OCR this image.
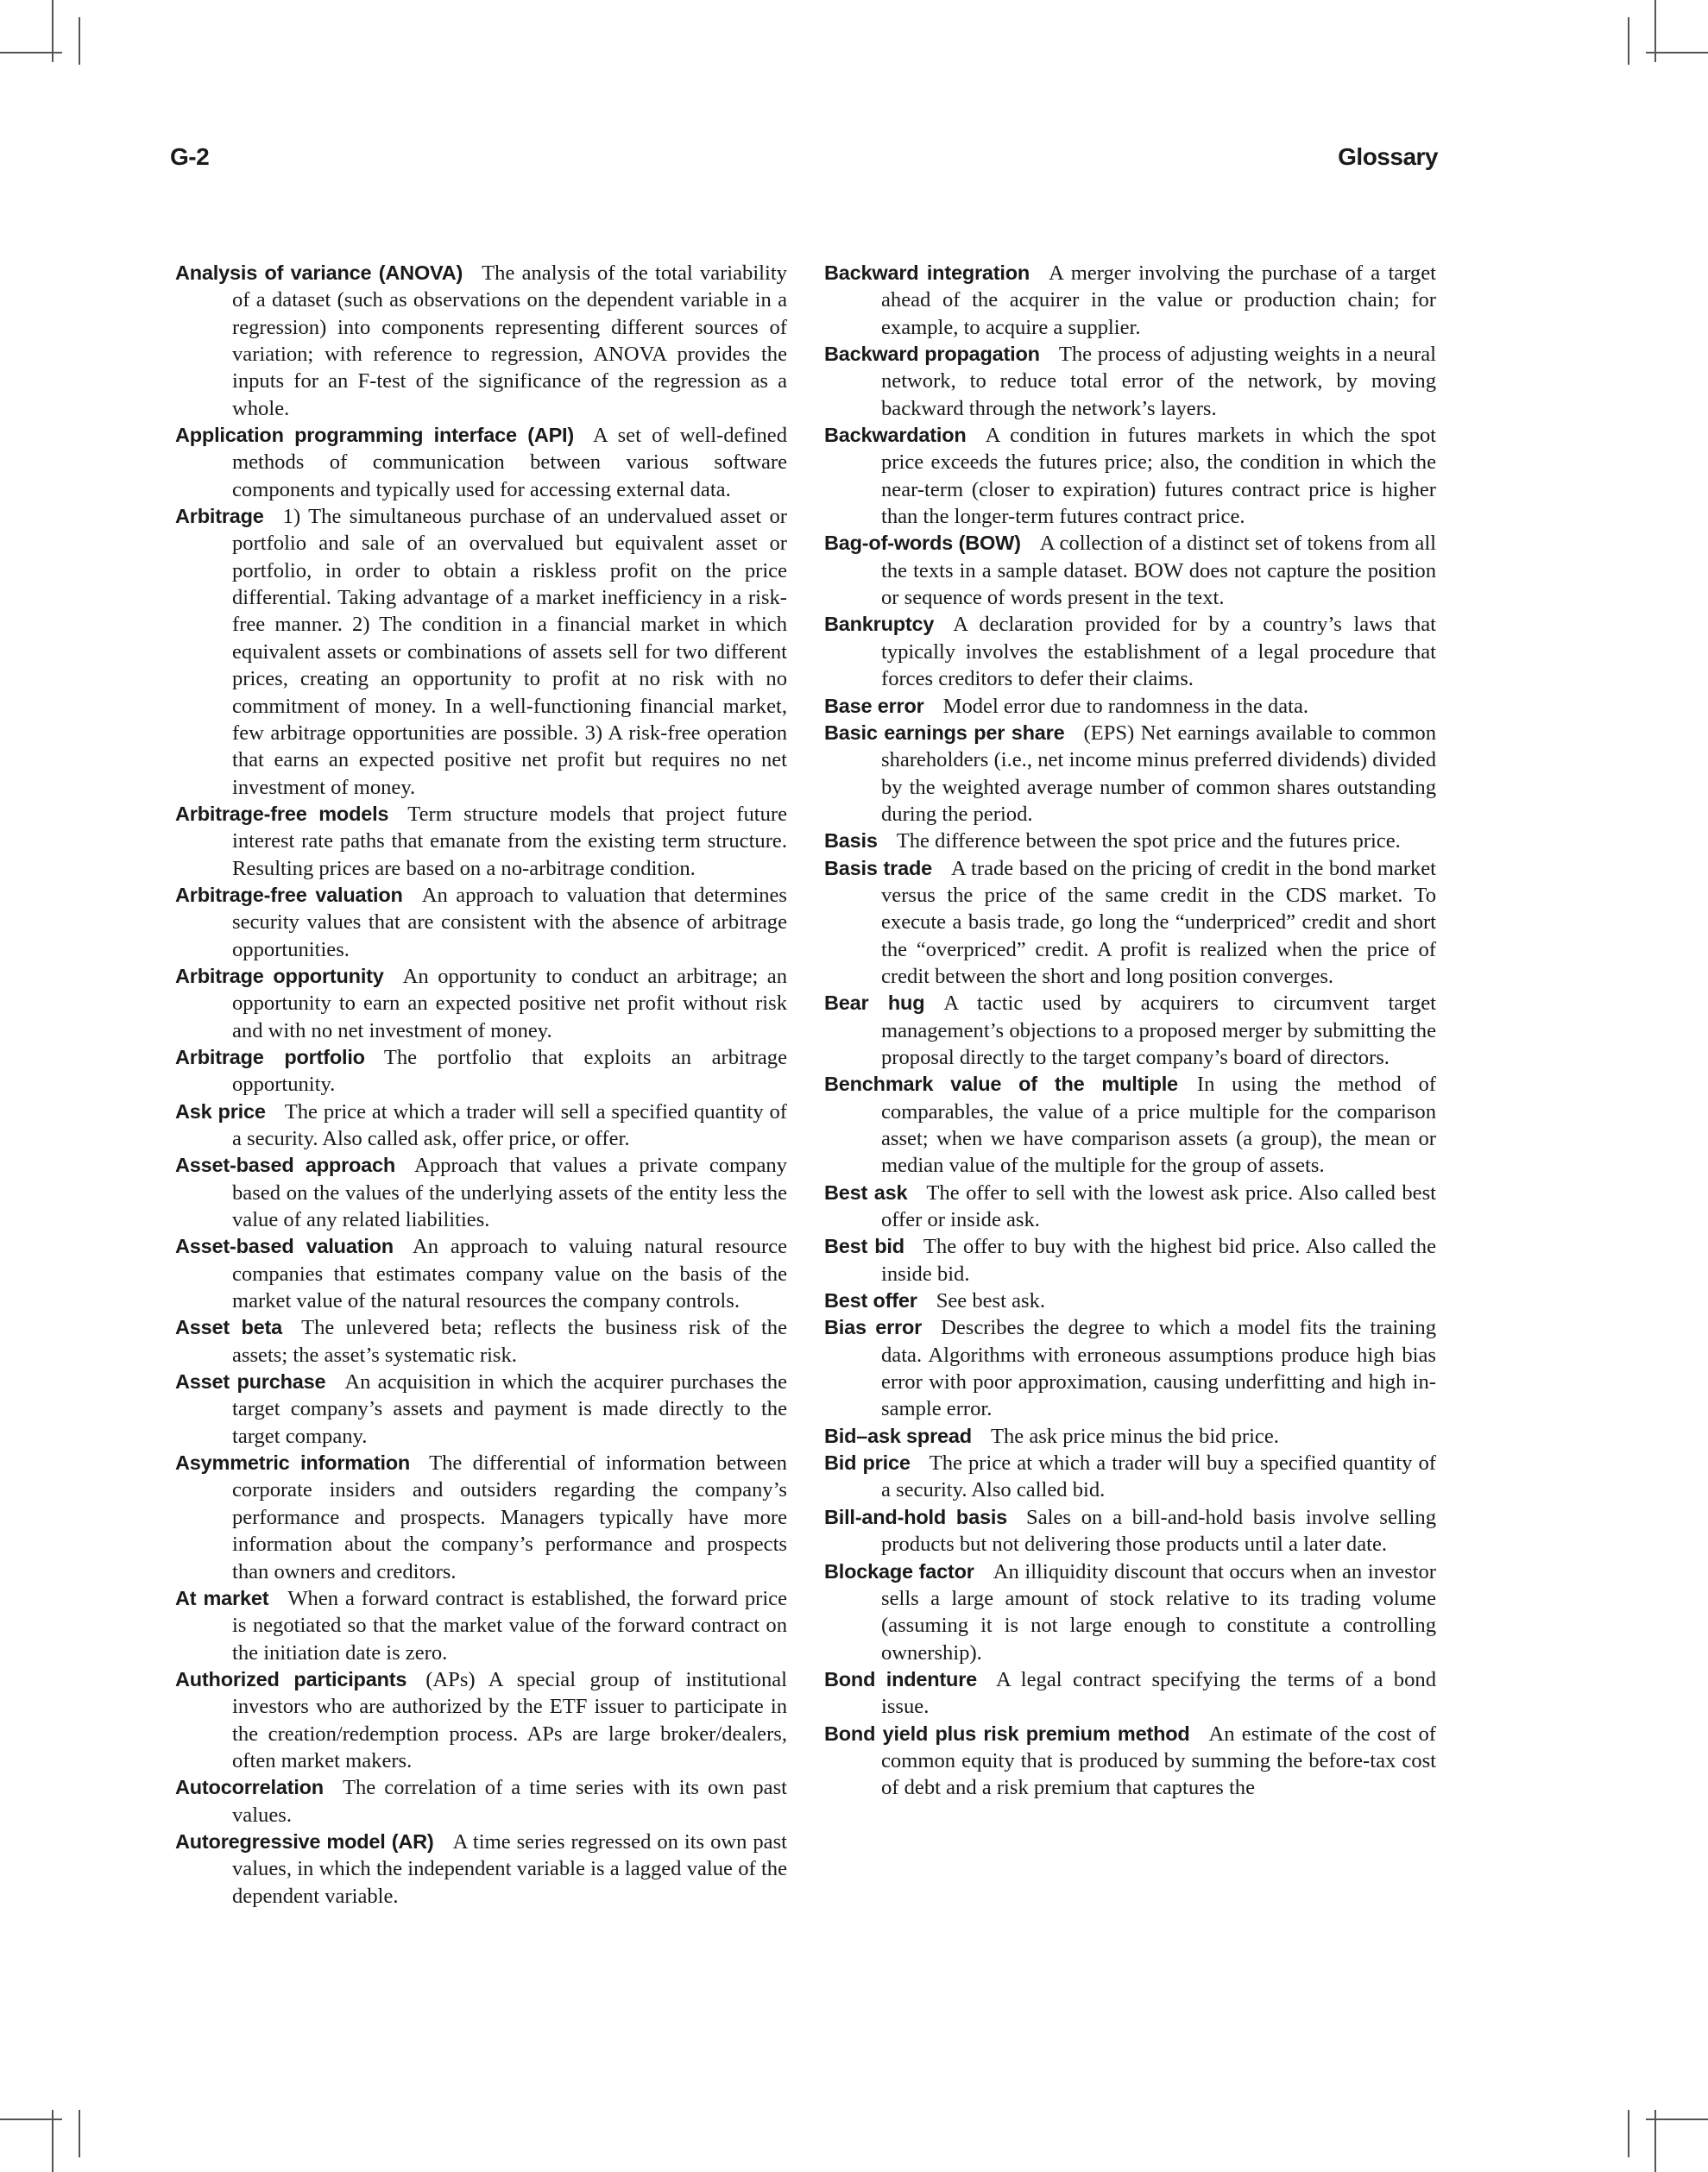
G-2	Glossary

Analysis of variance (ANOVA) The analysis of the total variability of a dataset (such as observations on the dependent variable in a regression) into components representing different sources of variation; with reference to regression, ANOVA provides the inputs for an F-test of the significance of the regression as a whole.

Application programming interface (API) A set of well-defined methods of communication between various software components and typically used for accessing external data.

Arbitrage 1) The simultaneous purchase of an undervalued asset or portfolio and sale of an overvalued but equivalent asset or portfolio, in order to obtain a riskless profit on the price differential. Taking advantage of a market inefficiency in a risk-free manner. 2) The condition in a financial market in which equivalent assets or combinations of assets sell for two different prices, creating an opportunity to profit at no risk with no commitment of money. In a well-functioning financial market, few arbitrage opportunities are possible. 3) A risk-free operation that earns an expected positive net profit but requires no net investment of money.

Arbitrage-free models Term structure models that project future interest rate paths that emanate from the existing term structure. Resulting prices are based on a no-arbitrage condition.

Arbitrage-free valuation An approach to valuation that determines security values that are consistent with the absence of arbitrage opportunities.

Arbitrage opportunity An opportunity to conduct an arbitrage; an opportunity to earn an expected positive net profit without risk and with no net investment of money.

Arbitrage portfolio The portfolio that exploits an arbitrage opportunity.

Ask price The price at which a trader will sell a specified quantity of a security. Also called ask, offer price, or offer.

Asset-based approach Approach that values a private company based on the values of the underlying assets of the entity less the value of any related liabilities.

Asset-based valuation An approach to valuing natural resource companies that estimates company value on the basis of the market value of the natural resources the company controls.

Asset beta The unlevered beta; reflects the business risk of the assets; the asset’s systematic risk.

Asset purchase An acquisition in which the acquirer purchases the target company’s assets and payment is made directly to the target company.

Asymmetric information The differential of information between corporate insiders and outsiders regarding the company’s performance and prospects. Managers typically have more information about the company’s performance and prospects than owners and creditors.

At market When a forward contract is established, the forward price is negotiated so that the market value of the forward contract on the initiation date is zero.

Authorized participants (APs) A special group of institutional investors who are authorized by the ETF issuer to participate in the creation/redemption process. APs are large broker/dealers, often market makers.

Autocorrelation The correlation of a time series with its own past values.

Autoregressive model (AR) A time series regressed on its own past values, in which the independent variable is a lagged value of the dependent variable.

Backward integration A merger involving the purchase of a target ahead of the acquirer in the value or production chain; for example, to acquire a supplier.

Backward propagation The process of adjusting weights in a neural network, to reduce total error of the network, by moving backward through the network’s layers.

Backwardation A condition in futures markets in which the spot price exceeds the futures price; also, the condition in which the near-term (closer to expiration) futures contract price is higher than the longer-term futures contract price.

Bag-of-words (BOW) A collection of a distinct set of tokens from all the texts in a sample dataset. BOW does not capture the position or sequence of words present in the text.

Bankruptcy A declaration provided for by a country’s laws that typically involves the establishment of a legal procedure that forces creditors to defer their claims.

Base error Model error due to randomness in the data.

Basic earnings per share (EPS) Net earnings available to common shareholders (i.e., net income minus preferred dividends) divided by the weighted average number of common shares outstanding during the period.

Basis The difference between the spot price and the futures price.

Basis trade A trade based on the pricing of credit in the bond market versus the price of the same credit in the CDS market. To execute a basis trade, go long the “underpriced” credit and short the “overpriced” credit. A profit is realized when the price of credit between the short and long position converges.

Bear hug A tactic used by acquirers to circumvent target management’s objections to a proposed merger by submitting the proposal directly to the target company’s board of directors.

Benchmark value of the multiple In using the method of comparables, the value of a price multiple for the comparison asset; when we have comparison assets (a group), the mean or median value of the multiple for the group of assets.

Best ask The offer to sell with the lowest ask price. Also called best offer or inside ask.

Best bid The offer to buy with the highest bid price. Also called the inside bid.

Best offer See best ask.

Bias error Describes the degree to which a model fits the training data. Algorithms with erroneous assumptions produce high bias error with poor approximation, causing underfitting and high in-sample error.

Bid–ask spread The ask price minus the bid price.

Bid price The price at which a trader will buy a specified quantity of a security. Also called bid.

Bill-and-hold basis Sales on a bill-and-hold basis involve selling products but not delivering those products until a later date.

Blockage factor An illiquidity discount that occurs when an investor sells a large amount of stock relative to its trading volume (assuming it is not large enough to constitute a controlling ownership).

Bond indenture A legal contract specifying the terms of a bond issue.

Bond yield plus risk premium method An estimate of the cost of common equity that is produced by summing the before-tax cost of debt and a risk premium that captures the
